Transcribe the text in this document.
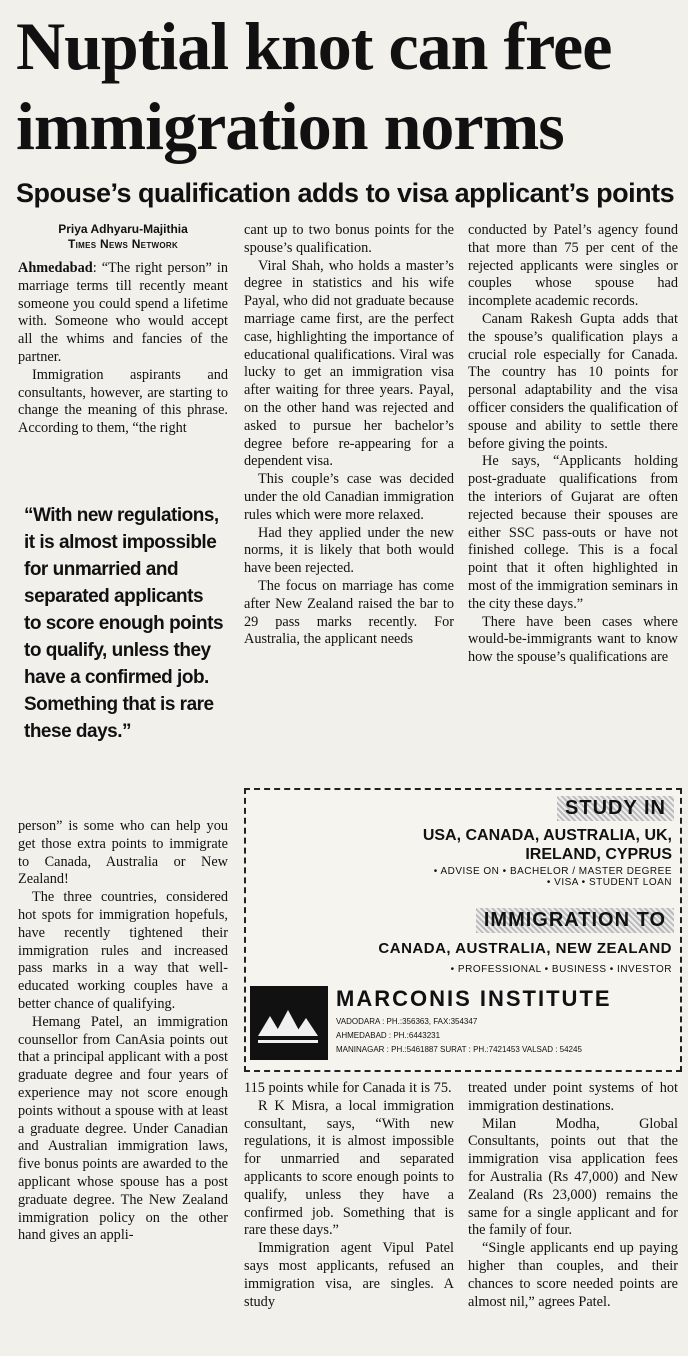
Nuptial knot can free
immigration norms
Spouse’s qualification adds to visa applicant’s points
Priya Adhyaru-Majithia
Times News Network

Ahmedabad: “The right person” in marriage terms till recently meant someone you could spend a lifetime with. Someone who would accept all the whims and fancies of the partner.

Immigration aspirants and consultants, however, are starting to change the meaning of this phrase. According to them, “the right

“With new regulations, it is almost impossible for unmarried and separated applicants to score enough points to qualify, unless they have a confirmed job. Something that is rare these days.”

person” is some who can help you get those extra points to immigrate to Canada, Australia or New Zealand!

The three countries, considered hot spots for immigration hopefuls, have recently tightened their immigration rules and increased pass marks in a way that well-educated working couples have a better chance of qualifying.

Hemang Patel, an immigration counsellor from CanAsia points out that a principal applicant with a post graduate degree and four years of experience may not score enough points without a spouse with at least a graduate degree. Under Canadian and Australian immigration laws, five bonus points are awarded to the applicant whose spouse has a post graduate degree. The New Zealand immigration policy on the other hand gives an appli-

cant up to two bonus points for the spouse’s qualification.

Viral Shah, who holds a master’s degree in statistics and his wife Payal, who did not graduate because marriage came first, are the perfect case, highlighting the importance of educational qualifications. Viral was lucky to get an immigration visa after waiting for three years. Payal, on the other hand was rejected and asked to pursue her bachelor’s degree before re-appearing for a dependent visa.

This couple’s case was decided under the old Canadian immigration rules which were more relaxed.

Had they applied under the new norms, it is likely that both would have been rejected.

The focus on marriage has come after New Zealand raised the bar to 29 pass marks recently. For Australia, the applicant needs

conducted by Patel’s agency found that more than 75 per cent of the rejected applicants were singles or couples whose spouse had incomplete academic records.

Canam Rakesh Gupta adds that the spouse’s qualification plays a crucial role especially for Canada. The country has 10 points for personal adaptability and the visa officer considers the qualification of spouse and ability to settle there before giving the points.

He says, “Applicants holding post-graduate qualifications from the interiors of Gujarat are often rejected because their spouses are either SSC pass-outs or have not finished college. This is a focal point that it often highlighted in most of the immigration seminars in the city these days.”

There have been cases where would-be-immigrants want to know how the spouse’s qualifications are

STUDY IN
USA, CANADA, AUSTRALIA, UK,
IRELAND, CYPRUS
• ADVISE ON • BACHELOR / MASTER DEGREE
• VISA • STUDENT LOAN
IMMIGRATION TO
CANADA, AUSTRALIA, NEW ZEALAND
• PROFESSIONAL • BUSINESS • INVESTOR
MARCONIS INSTITUTE
VADODARA : PH.:356363, FAX:354347
AHMEDABAD : PH.:6443231
MANINAGAR : PH.:5461887 SURAT : PH.:7421453 VALSAD : 54245

115 points while for Canada it is 75.

R K Misra, a local immigration consultant, says, “With new regulations, it is almost impossible for unmarried and separated applicants to score enough points to qualify, unless they have a confirmed job. Something that is rare these days.”

Immigration agent Vipul Patel says most applicants, refused an immigration visa, are singles. A study

treated under point systems of hot immigration destinations.

Milan Modha, Global Consultants, points out that the immigration visa application fees for Australia (Rs 47,000) and New Zealand (Rs 23,000) remains the same for a single applicant and for the family of four.

“Single applicants end up paying higher than couples, and their chances to score needed points are almost nil,” agrees Patel.
